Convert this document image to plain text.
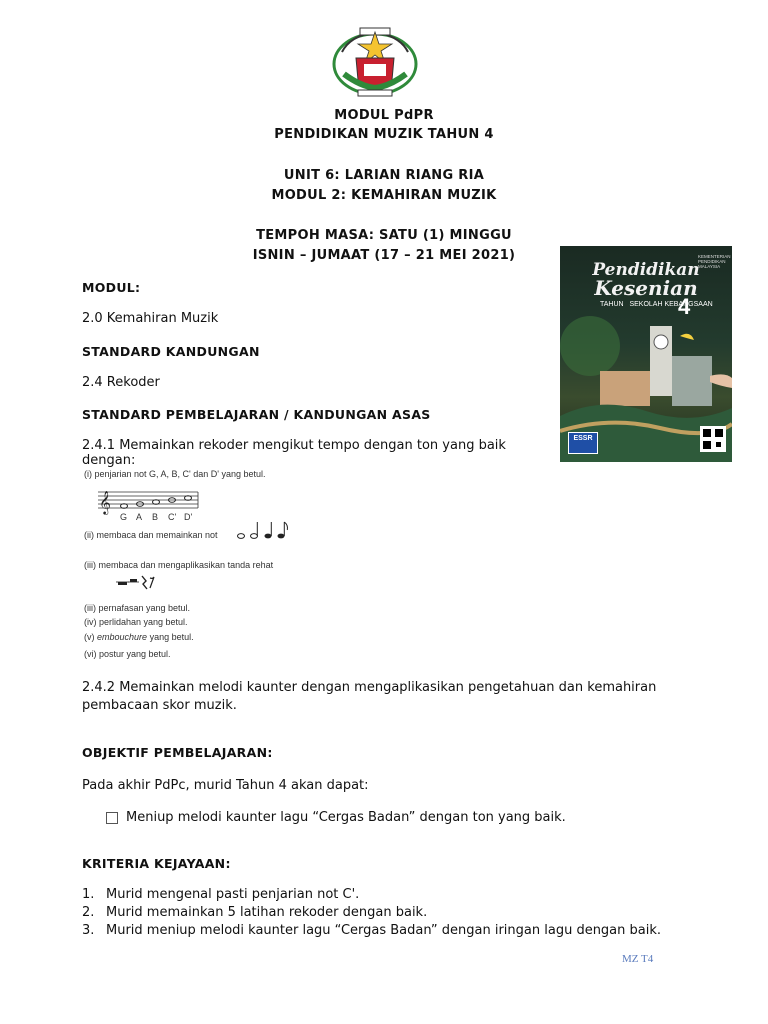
MODUL PdPR
PENDIDIKAN MUZIK TAHUN 4
UNIT 6: LARIAN RIANG RIA
MODUL 2: KEMAHIRAN MUZIK
TEMPOH MASA: SATU (1) MINGGU
ISNIN – JUMAAT (17 – 21 MEI 2021)	KEMENTERIAN PENDIDIKAN MALAYSIA
Pendidikan
Kesenian
TAHUN SEKOLAH KEBANGSAAN
4
ESSR
MODUL:
2.0 Kemahiran Muzik
STANDARD KANDUNGAN
2.4 Rekoder
STANDARD PEMBELAJARAN / KANDUNGAN ASAS
2.4.1 Memainkan rekoder mengikut tempo dengan ton yang baik dengan:
(i) penjarian not G, A, B, C' dan D' yang betul.
𝄞
G A B C' D'
(ii) membaca dan memainkan not
(iii) membaca dan mengaplikasikan tanda rehat
(iii) pernafasan yang betul.
(iv) perlidahan yang betul.
(v) embouchure yang betul.
(vi) postur yang betul.
2.4.2 Memainkan melodi kaunter dengan mengaplikasikan pengetahuan dan kemahiran pembacaan skor muzik.
OBJEKTIF PEMBELAJARAN:
Pada akhir PdPc, murid Tahun 4 akan dapat:
Meniup melodi kaunter lagu “Cergas Badan” dengan ton yang baik.
KRITERIA KEJAYAAN:
1. Murid mengenal pasti penjarian not C'.
2. Murid memainkan 5 latihan rekoder dengan baik.
3. Murid meniup melodi kaunter lagu “Cergas Badan” dengan iringan lagu dengan baik.
MZ T4
